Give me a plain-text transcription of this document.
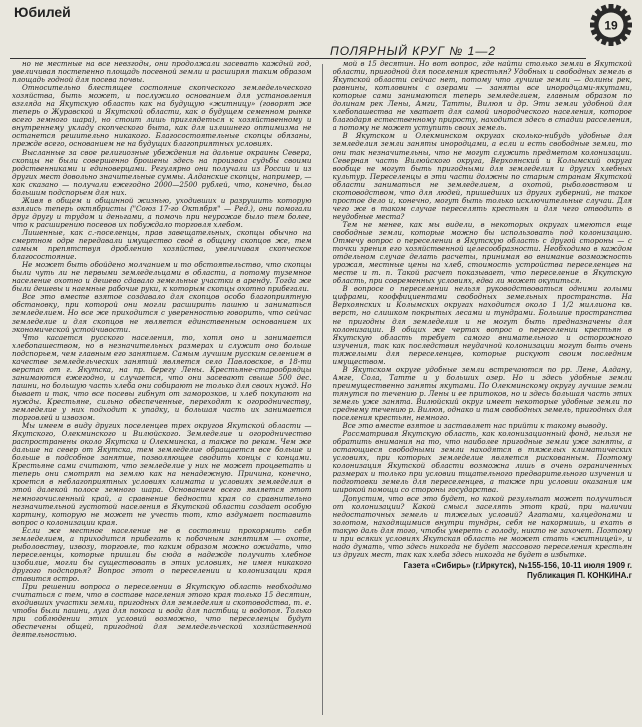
Юбилей
ПОЛЯРНЫЙ КРУГ № 1—2
19

но не местные на все невзгоды, они продолжали засевать каждый год, увеличивая постепенно площадь посевной земли и расширяя таким образом площадь годной для посева почвы.

Относительно блестящее состояние скопческого земледельческого хозяйства, быть может, и послужило основанием для установления взгляда на Якутскую область как на будущую «житницу» (говорят же теперь о Журавской и Якутской области, как о будущем семенном рынке всего земного шара), но стоит лишь приглядеться к хозяйственному и внутреннему укладу скопческого быта, как для излишнего оптимизма не останется решительно никакого. Благосостоятельные скопцы обязаны, прежде всего, основанием не на будущих благоприятных условиях.

Высланные за свое религиозные убеждения на дальние окраины Севера, скопцы не были совершенно брошены здесь на произвол судьбы своими родственниками и единоверцами. Регулярно они получали из России и из других мест довольно значительные суммы. Алданские скопцы, например, — как сказано — получали ежегодно 2000—2500 рублей, что, конечно, было большим подспорьем для них.

Живя в общем и общинной жизнью, уходивших и разрушить которую взялись теперь октябристы ("Союз 17-го Октября" — Ред.), они помогали друг другу и трудом и деньгами, а помочь при неурожае было тем более, что к расширению посевов их побуждало торговля хлебом.

Лишенные, как с.-поселенцы, прав завещательных, скопцы обычно на смертном одре передавали имущество своё в общину скопцов же, тем самым препятствуя дроблению хозяйства, увеличивая скопческое благосостояние.

Не может быть обойдено молчанием и то обстоятельство, что скопцы были чуть ли не первыми земледельцами в области, а потому туземное население охотно и дешево сдавало земельные участки в аренду. Тогда же были дешевы и наемные рабочие руки, к которым скопцы охотно прибегали.

Все это вместе взятое создавало для скопцов особо благоприятную обстановку, при которой они могли расширить пашню и заниматься земледелием. Но все же приходится с уверенностью говорить, что сейчас земледелие и для скопцов не является единственным основанием их экономической устойчивости.

Что касается русского населения, то, хотя оно и занимается хлебопашеством, но в незначительных размерах и служит оно больше подспорьем, чем главным его занятием. Самым лучшим русским селением в качестве земледельческих занятий является село Павловское, в 18-ти верстах от г. Якутска, на пр. берегу Лены. Крестьяне-старообрядцы занимаются ежегодно, и случается, что они засевают свыше 500 дес. пашни, но большую часть хлеба они собирают не только для своих нужд. Но бывает и так, что все посевы гибнут от заморозков, и хлеб покупают на нужды. Крестьяне, сильно обеспеченные, переходят к огородничеству, земледелие у них подходит к упадку, и большая часть их занимается торговлей и извозом.

Мы имеем в виду других поселенцев трех округов Якутской области — Якутского, Олекминского и Вилюйского. Земледелие и огородничество распространены около Якутска и Олекминска, а также по рекам. Чем же дальше на север от Якутска, тем земледелие обращается все больше и больше в подсобное занятие, позволяющее сводить концы с концами. Крестьяне сами считают, что земледелие у них не может процветать и теперь они смотрят на землю как на ненадежную. Причина, конечно, кроется в неблагоприятных условиях климата и условиях земледелия в этой далекой полосе земного шара. Основанием всего является этот немногочисленный край, а сравнение бедности края со сравнительно незначительной густотой населения в Якутской области создает особую картину, которую не может не учесть тот, кто вздумает поставить вопрос о колонизации края.

Если же местное население не в состоянии прокормить себя земледелием, а приходится прибегать к побочным занятиям — охоте, рыболовству, извозу, торговле, то каким образом можно ожидать, что переселенцы, которые пришли бы сюда в надежде получить хлебное изобилие, могли бы существовать в этих условиях, не имея никакого другого подспорья? Вопрос этот о переселении и колонизации края ставится остро.

При решении вопроса о переселении в Якутскую область необходимо считаться с тем, что в составе населения этого края только 15 десятин, входивших участки земли, пригодных для земледелия и скотоводства, т. е. чтобы были пашни, луга для покоса и вода для пастбищ и водопоя. Только при соблюдении этих условий возможно, что переселенцы будут обеспечены общей, пригодной для земледельческой хозяйственной деятельностью.

мой в 15 десятин. Но вот вопрос, где найти столько земли в Якутской области, пригодной для поселения крестьян? Удобных и свободных земель в Якутской области сейчас нет, потому что лучшие земли — долины рек, равнины, котловины с озерами — заняты все инородцами-якутами, которые сами занимаются теперь земледелием, главным образом по долинам рек Лены, Амги, Татты, Вилюя и др. Эти земли удобной для хлебопашества не хватает для самой инородческого населения, которое благодаря естественному приросту, находится здесь в стадии расселения, а потому не может уступить своих земель.

В Якутском и Олекминском округах сколько-нибудь удобные для земледелия земли заняты инородцами, а если и есть свободные земли, то они так незначительны, что не могут служить предметом колонизации. Северная часть Вилюйского округа, Верхоянский и Колымский округа вообще не могут быть пригодными для земледелия и других хлебных культур. Переселенцы в эти части должны по старым странам Якутской области заниматься не земледелием, а охотой, рыболовством и скотоводством, что для людей, пришедших из других губерний, не такое простое дело и, конечно, могут быть только исключительные случаи. Для чего же в таком случае переселять крестьян и для чего отводить в неудобные места?

Тем не менее, как мы видели, в некоторых округах имеются еще свободные земли, которые можно бы использовать под колонизацию. Отмечу вопрос о переселении в Якутскую область с другой стороны — с точки зрения его хозяйственной целесообразности. Необходимо в каждом отдельном случае делать расчеты, принимая во внимание возможность урожая, местные цены на хлеб, стоимость устройства переселенцев на месте и т. п. Такой расчет показывает, что переселение в Якутскую область, при современных условиях, едва ли может окупиться.

В вопросе о переселении нельзя руководствоваться одними голыми цифрами, кооффициентами свободных земельных пространств. На Верхоянских и Колымских округах находится около 1 1/2 миллиона кв. верст, но слишком покрытых лесами и тундрами. Большие пространства не пригодны для земледелия и не могут быть предназначены для колонизации. В общих же чертах вопрос о переселении крестьян в Якутскую область требует самого внимательного и осторожного изучения, так как последствия неудачной колонизации могут быть очень тяжелыми для переселенцев, которые рискуют своим последним имуществом.

В Якутском округе удобные земли встречаются по рр. Лене, Алдану, Амге, Сола, Татте и у больших озер. Но и здесь удобные земли преимущественно заняты якутами. По Олекминскому округу лучшие земли тянутся по течению р. Лены и ее притоков, но и здесь большая часть этих земель уже занята. Вилюйский округ имеет некоторые удобные земли по среднему течению р. Вилюя, однако и там свободных земель, пригодных для поселения крестьян, немного.

Все это вместе взятое и заставляет нас прийти к такому выводу.

Рассматривая Якутскую область, как колонизационный фонд, нельзя не обратить внимания на то, что наиболее пригодные земли уже заняты, а остающиеся свободными земли находятся в тяжелых климатических условиях, при которых земледелие является рискованным. Поэтому колонизация Якутской области возможна лишь в очень ограниченных размерах и только при условии тщательного предварительного изучения и подготовки земель для переселенцев, а также при условии оказания им широкой помощи со стороны государства.

Допустим, что все это будет, но какой результат может получиться от колонизации? Какой смысл заселять этот край, при наличии недостаточных земель и тяжелых условий? Агатами, халцедонами и золотом, находящимися внутри тундры, себя не накормишь, и ехать в такую даль для того, чтобы умереть с голоду, никто не захочет. Поэтому и при всяких условиях Якутская область не может стать «житницей», и надо думать, что здесь никогда не будет массового переселения крестьян из других мест, так как хлеба здесь никогда не будет в избытке.

Газета «Сибирь» (г.Иркутск), №155-156, 10-11 июля 1909 г.
Публикация П. КОНКИНА.г
